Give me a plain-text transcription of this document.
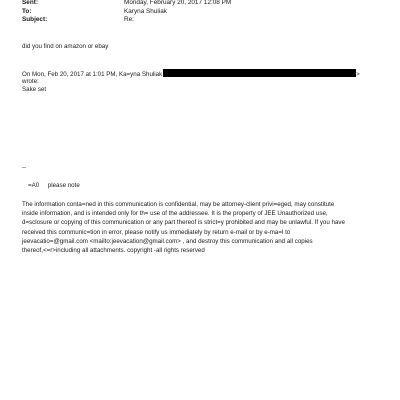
Sent:	Monday, February 20, 2017 12:08 PM
To:	Karyna Shuliak
Subject:	Re:
did you find on amazon or ebay
On Mon, Feb 20, 2017 at 1:01 PM, Ka=yna Shuliak	>
wrote:
Sake set
--
=A0     please note
The information conta=ned in this communication is confidential, may be attorney-client privi=eged, may constitute
inside information, and is intended only for th= use of the addressee. It is the property of JEE Unauthorized use,
d=sclosure or copying of this communication or any part thereof is strict=y prohibited and may be unlawful. If you have
received this communic=tion in error, please notify us immediately by return e-mail or by e-ma=l to
jeevacatio=@gmail.com <mailto:jeevacation@gmail.com> , and destroy this communication and all copies
thereof,<=r>including all attachments. copyright -all rights reserved
